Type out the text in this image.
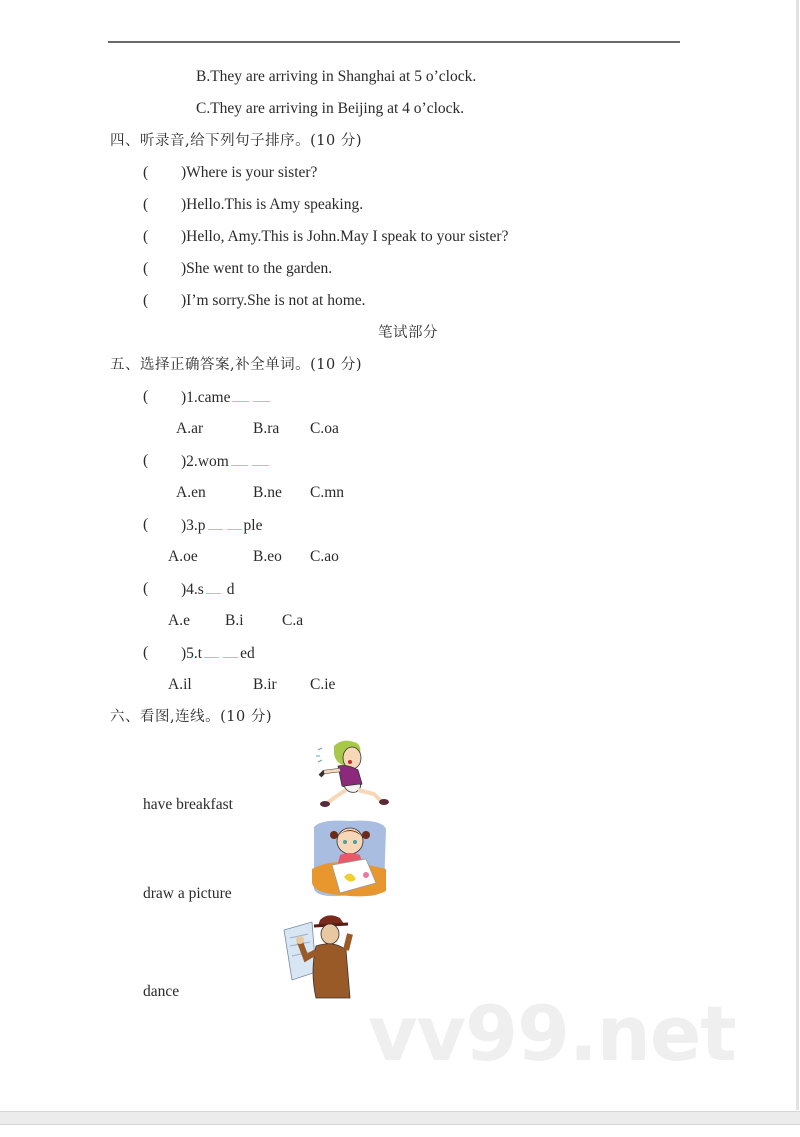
B.They are arriving in Shanghai at 5 o’clock.
C.They are arriving in Beijing at 4 o’clock.
四、听录音,给下列句子排序。(10 分)
( )Where is your sister?
( )Hello.This is Amy speaking.
( )Hello, Amy.This is John.May I speak to your sister?
( )She went to the garden.
( )I’m sorry.She is not at home.
笔试部分
五、选择正确答案,补全单词。(10 分)
( )1.came
A.ar	B.ra C.oa
( )2.wom
A.en	B.ne C.mn
( )3.p ple
A.oe	B.eo C.ao
( )4.s d
A.e B.i C.a
( )5.t ed
A.il	B.ir C.ie
六、看图,连线。(10 分)
have breakfast
draw a picture
dance vv99.net
